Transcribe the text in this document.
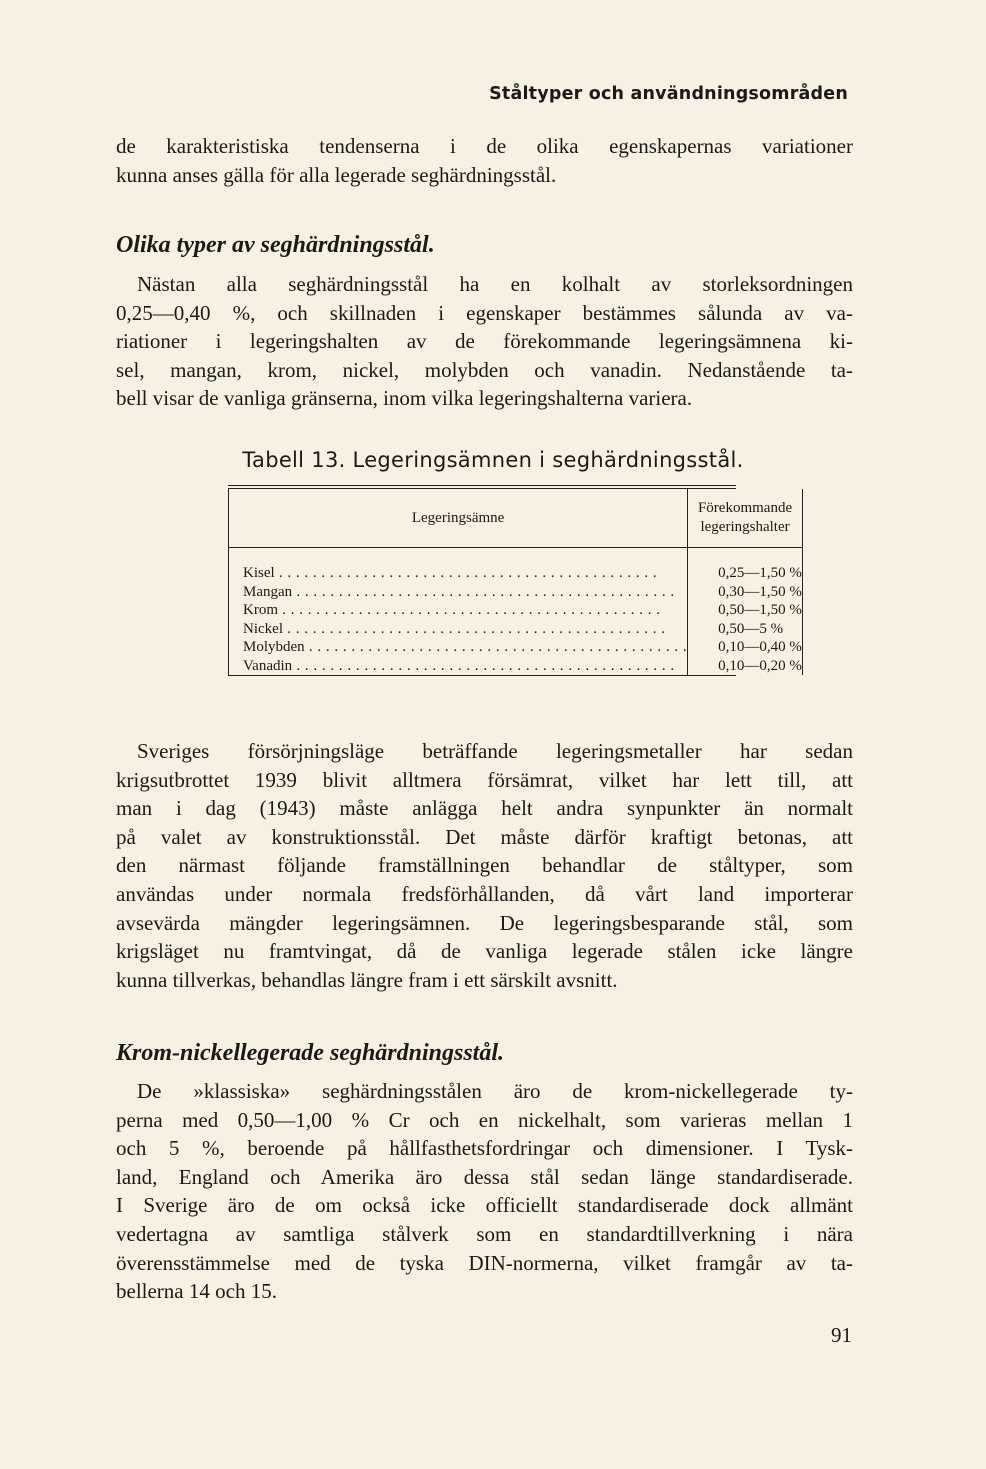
Ståltyper och användningsområden
de karakteristiska tendenserna i de olika egenskapernas variationer
kunna anses gälla för alla legerade seghärdningsstål.
Olika typer av seghärdningsstål.
Nästan alla seghärdningsstål ha en kolhalt av storleksordningen
0,25—0,40 %, och skillnaden i egenskaper bestämmes sålunda av va-
riationer i legeringshalten av de förekommande legeringsämnena ki-
sel, mangan, krom, nickel, molybden och vanadin. Nedanstående ta-
bell visar de vanliga gränserna, inom vilka legeringshalterna variera.
Tabell 13. Legeringsämnen i seghärdningsstål.
Legeringsämne	Förekommande
legeringshalter

Kisel . . .	0,25—1,50 %
Mangan . . .	0,30—1,50 %
Krom . . .	0,50—1,50 %
Nickel . . .	0,50—5 %
Molybden . . .	0,10—0,40 %
Vanadin . . .	0,10—0,20 %
Sveriges försörjningsläge beträffande legeringsmetaller har sedan
krigsutbrottet 1939 blivit alltmera försämrat, vilket har lett till, att
man i dag (1943) måste anlägga helt andra synpunkter än normalt
på valet av konstruktionsstål. Det måste därför kraftigt betonas, att
den närmast följande framställningen behandlar de ståltyper, som
användas under normala fredsförhållanden, då vårt land importerar
avsevärda mängder legeringsämnen. De legeringsbesparande stål, som
krigsläget nu framtvingat, då de vanliga legerade stålen icke längre
kunna tillverkas, behandlas längre fram i ett särskilt avsnitt.
Krom-nickellegerade seghärdningsstål.
De »klassiska» seghärdningsstålen äro de krom-nickellegerade ty-
perna med 0,50—1,00 % Cr och en nickelhalt, som varieras mellan 1
och 5 %, beroende på hållfasthetsfordringar och dimensioner. I Tysk-
land, England och Amerika äro dessa stål sedan länge standardiserade.
I Sverige äro de om också icke officiellt standardiserade dock allmänt
vedertagna av samtliga stålverk som en standardtillverkning i nära
överensstämmelse med de tyska DIN-normerna, vilket framgår av ta-
bellerna 14 och 15.
91
